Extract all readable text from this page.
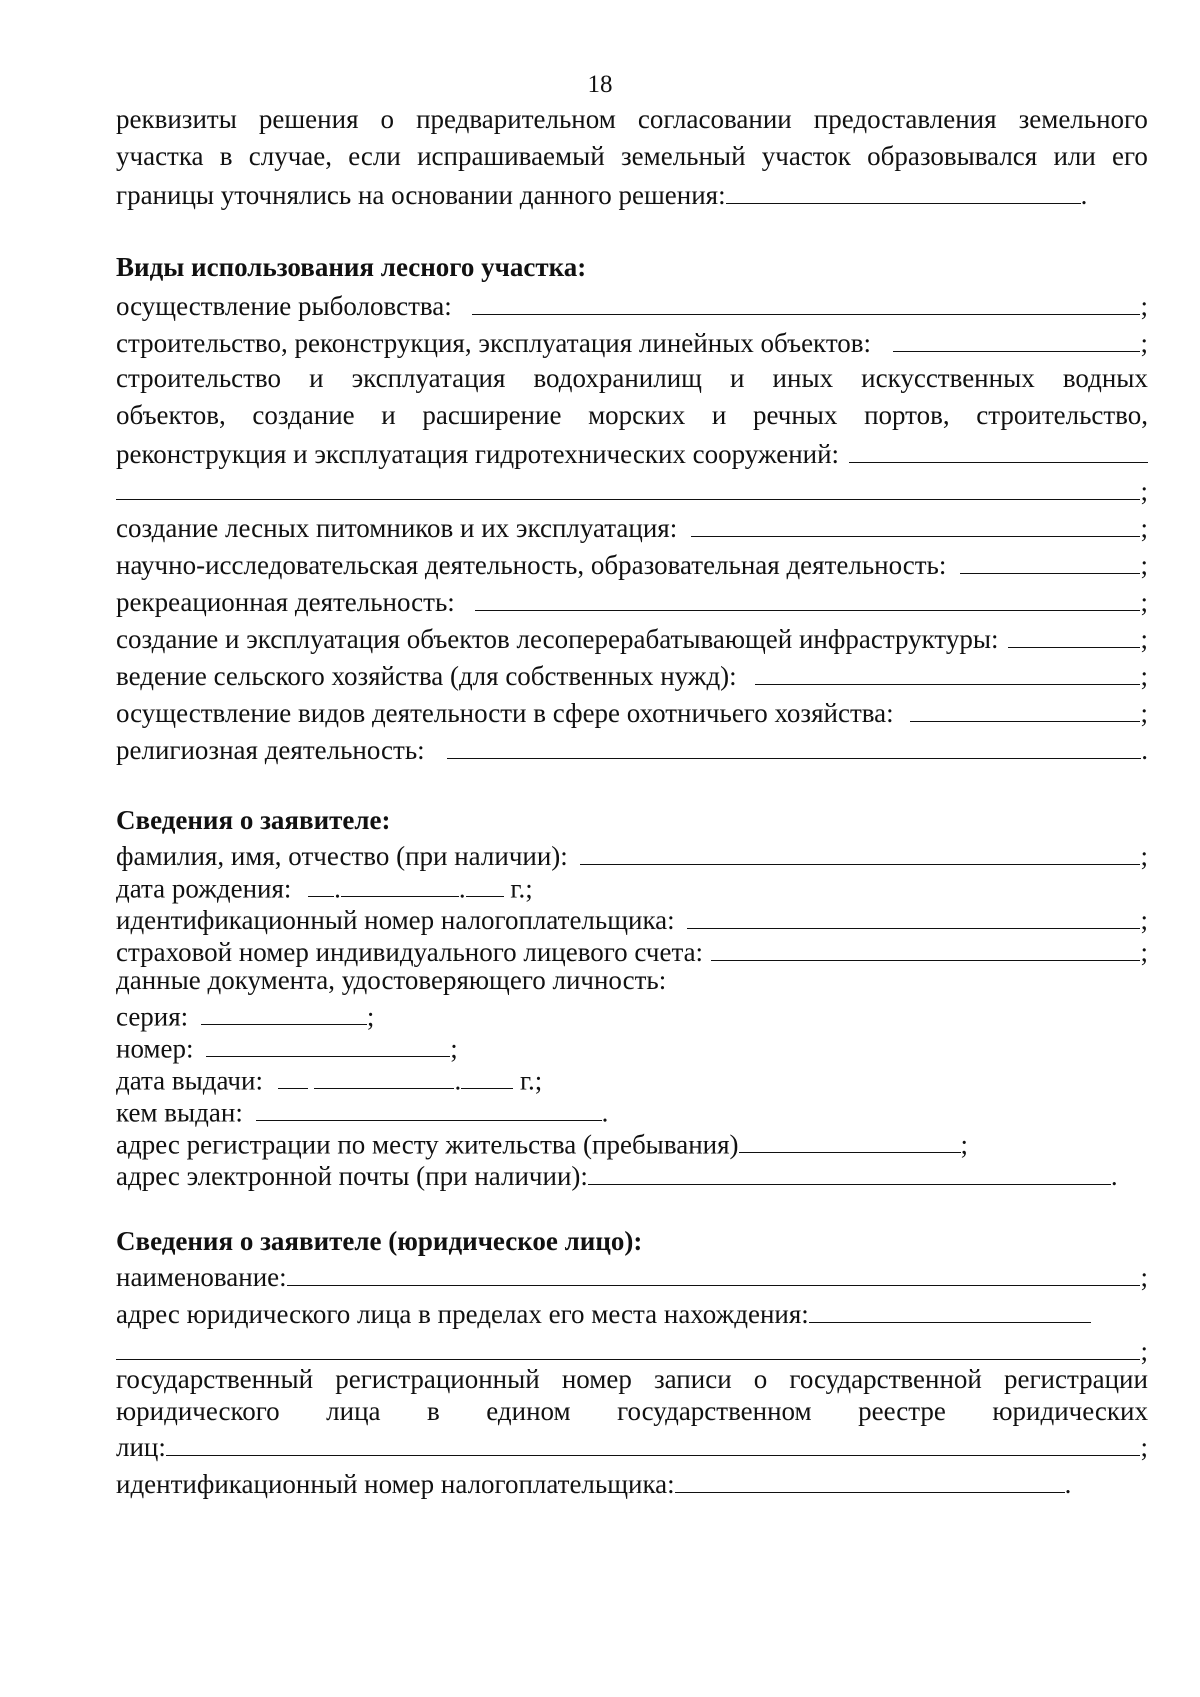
18
реквизиты решения о предварительном согласовании предоставления земельного
участка в случае, если испрашиваемый земельный участок образовывался или его
границы уточнялись на основании данного решения:	.
Виды использования лесного участка:
осуществление рыболовства:	;
строительство, реконструкция, эксплуатация линейных объектов:	;
строительство и эксплуатация водохранилищ и иных искусственных водных
объектов, создание и расширение морских и речных портов, строительство,
реконструкция и эксплуатация гидротехнических сооружений:
;
создание лесных питомников и их эксплуатация:	;
научно-исследовательская деятельность, образовательная деятельность:	;
рекреационная деятельность:	;
создание и эксплуатация объектов лесоперерабатывающей инфраструктуры:	;
ведение сельского хозяйства (для собственных нужд):	;
осуществление видов деятельности в сфере охотничьего хозяйства:	;
религиозная деятельность:	.
Сведения о заявителе:
фамилия, имя, отчество (при наличии):	;
дата рождения: .	. г.;
идентификационный номер налогоплательщика:	;
страховой номер индивидуального лицевого счета:	;
данные документа, удостоверяющего личность:
серия:	;
номер:	;
дата выдачи:	. г.;
кем выдан:	.
адрес регистрации по месту жительства (пребывания)	;
адрес электронной почты (при наличии):	.
Сведения о заявителе (юридическое лицо):
наименование:	;
адрес юридического лица в пределах его места нахождения:
;
государственный регистрационный номер записи о государственной регистрации
юридического лица в едином государственном реестре юридических
лиц:	;
идентификационный номер налогоплательщика:	.
